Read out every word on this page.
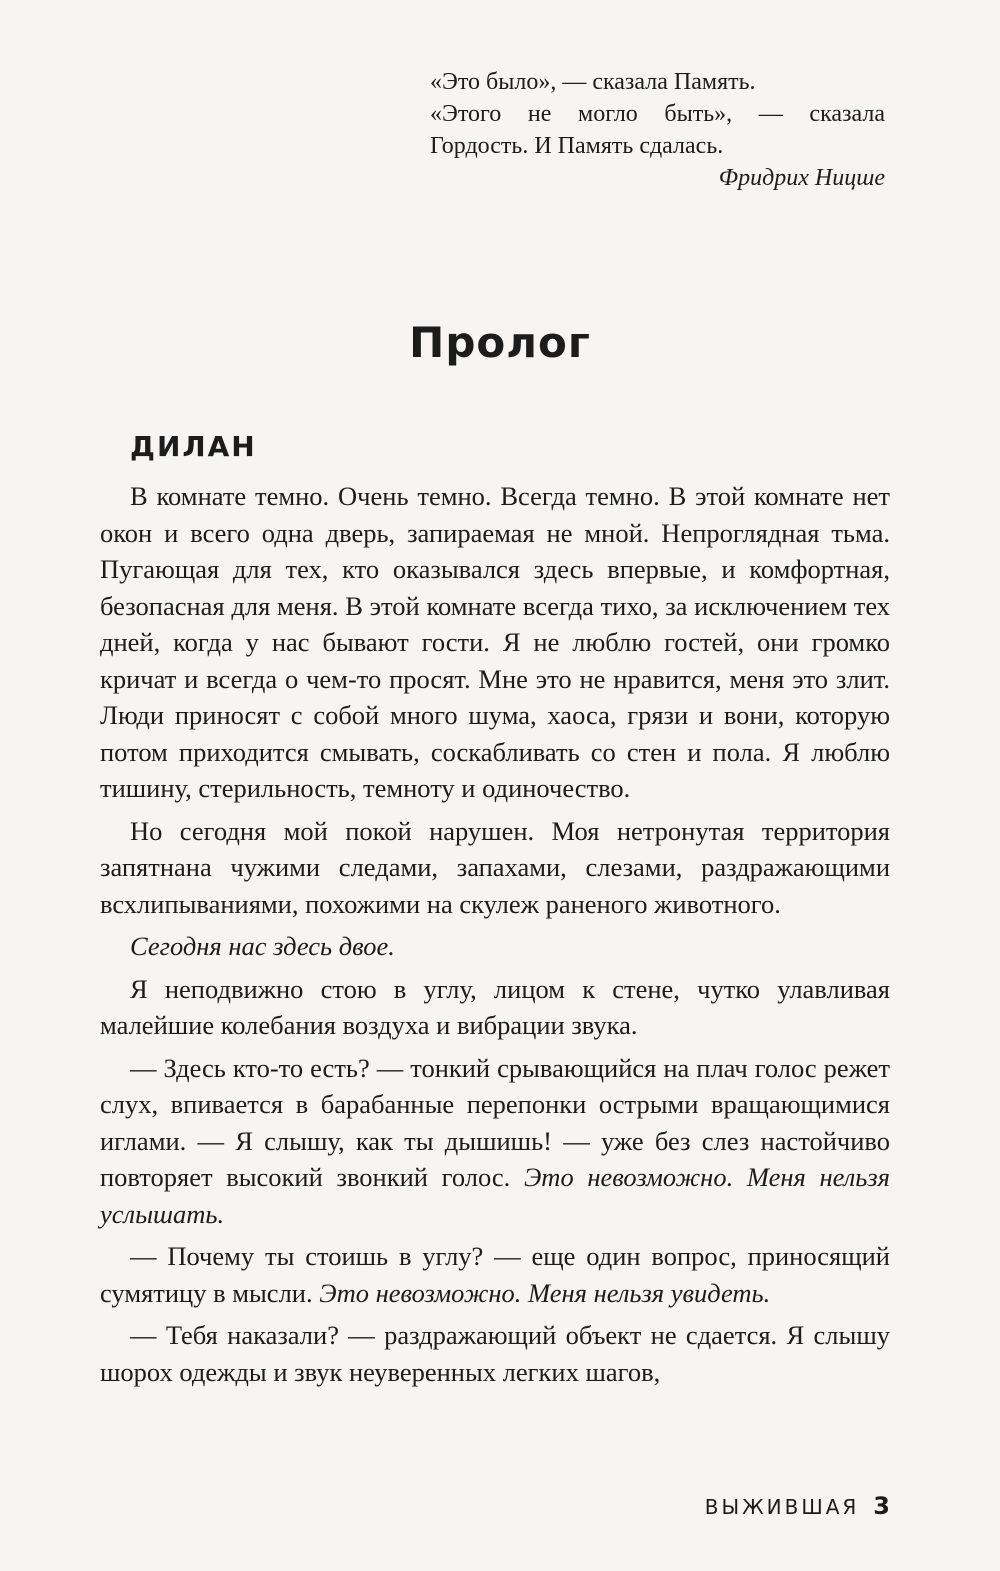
«Это было», — сказала Память.

«Этого не могло быть», — сказала Гордость. И Память сдалась.

Фридрих Ницше

Пролог
ДИЛАН

В комнате темно. Очень темно. Всегда темно. В этой комнате нет окон и всего одна дверь, запираемая не мной. Непроглядная тьма. Пугающая для тех, кто оказывался здесь впервые, и комфортная, безопасная для меня. В этой комнате всегда тихо, за исключением тех дней, когда у нас бывают гости. Я не люблю гостей, они громко кричат и всегда о чем-то просят. Мне это не нравится, меня это злит. Люди приносят с собой много шума, хаоса, грязи и вони, которую потом приходится смывать, соскабливать со стен и пола. Я люблю тишину, стерильность, темноту и одиночество.

Но сегодня мой покой нарушен. Моя нетронутая территория запятнана чужими следами, запахами, слезами, раздражающими всхлипываниями, похожими на скулеж раненого животного.

Сегодня нас здесь двое.

Я неподвижно стою в углу, лицом к стене, чутко улавливая малейшие колебания воздуха и вибрации звука.

— Здесь кто-то есть? — тонкий срывающийся на плач голос режет слух, впивается в барабанные перепонки острыми вращающимися иглами. — Я слышу, как ты дышишь! — уже без слез настойчиво повторяет высокий звонкий голос. Это невозможно. Меня нельзя услышать.

— Почему ты стоишь в углу? — еще один вопрос, приносящий сумятицу в мысли. Это невозможно. Меня нельзя увидеть.

— Тебя наказали? — раздражающий объект не сдается. Я слышу шорох одежды и звук неуверенных легких шагов,

ВЫЖИВШАЯ 3
